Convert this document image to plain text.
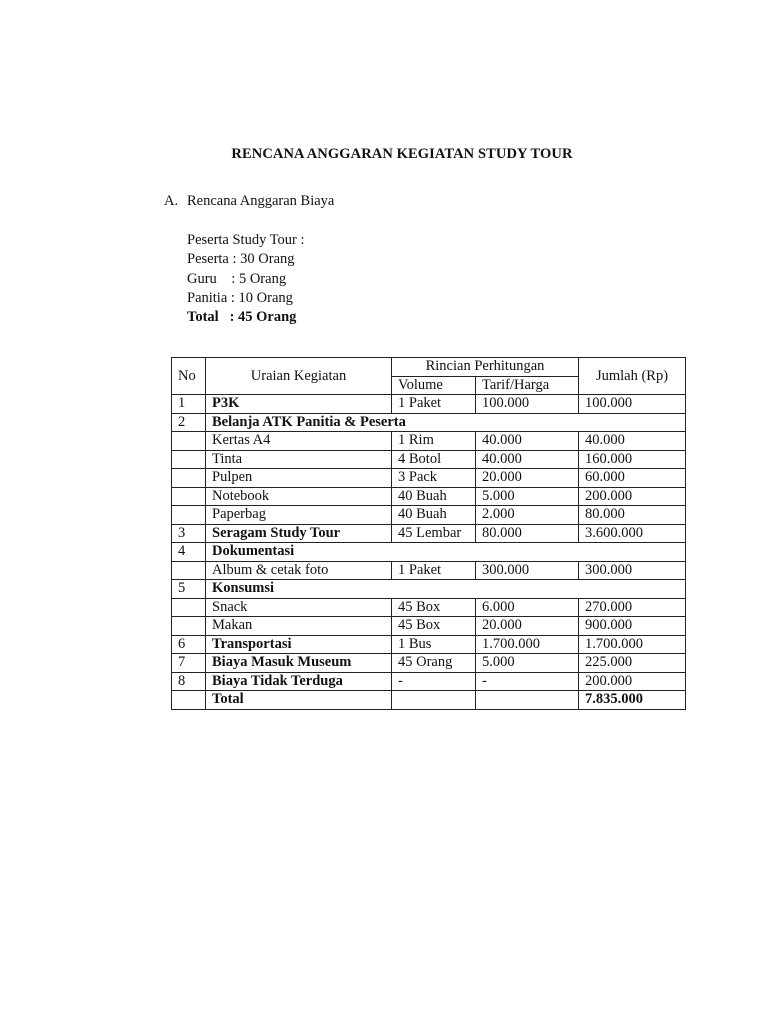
RENCANA ANGGARAN KEGIATAN STUDY TOUR
A. Rencana Anggaran Biaya
Peserta Study Tour :
Peserta : 30 Orang
Guru    : 5 Orang
Panitia : 10 Orang
Total   : 45 Orang
No	Uraian Kegiatan	Rincian Perhitungan		Jumlah (Rp)
		Volume	Tarif/Harga	
1	P3K	1 Paket	100.000	100.000
2	Belanja ATK Panitia & Peserta			
	Kertas A4	1 Rim	40.000	40.000
	Tinta	4 Botol	40.000	160.000
	Pulpen	3 Pack	20.000	60.000
	Notebook	40 Buah	5.000	200.000
	Paperbag	40 Buah	2.000	80.000
3	Seragam Study Tour	45 Lembar	80.000	3.600.000
4	Dokumentasi			
	Album & cetak foto	1 Paket	300.000	300.000
5	Konsumsi			
	Snack	45 Box	6.000	270.000
	Makan	45 Box	20.000	900.000
6	Transportasi	1 Bus	1.700.000	1.700.000
7	Biaya Masuk Museum	45 Orang	5.000	225.000
8	Biaya Tidak Terduga	-	-	200.000
	Total			7.835.000
